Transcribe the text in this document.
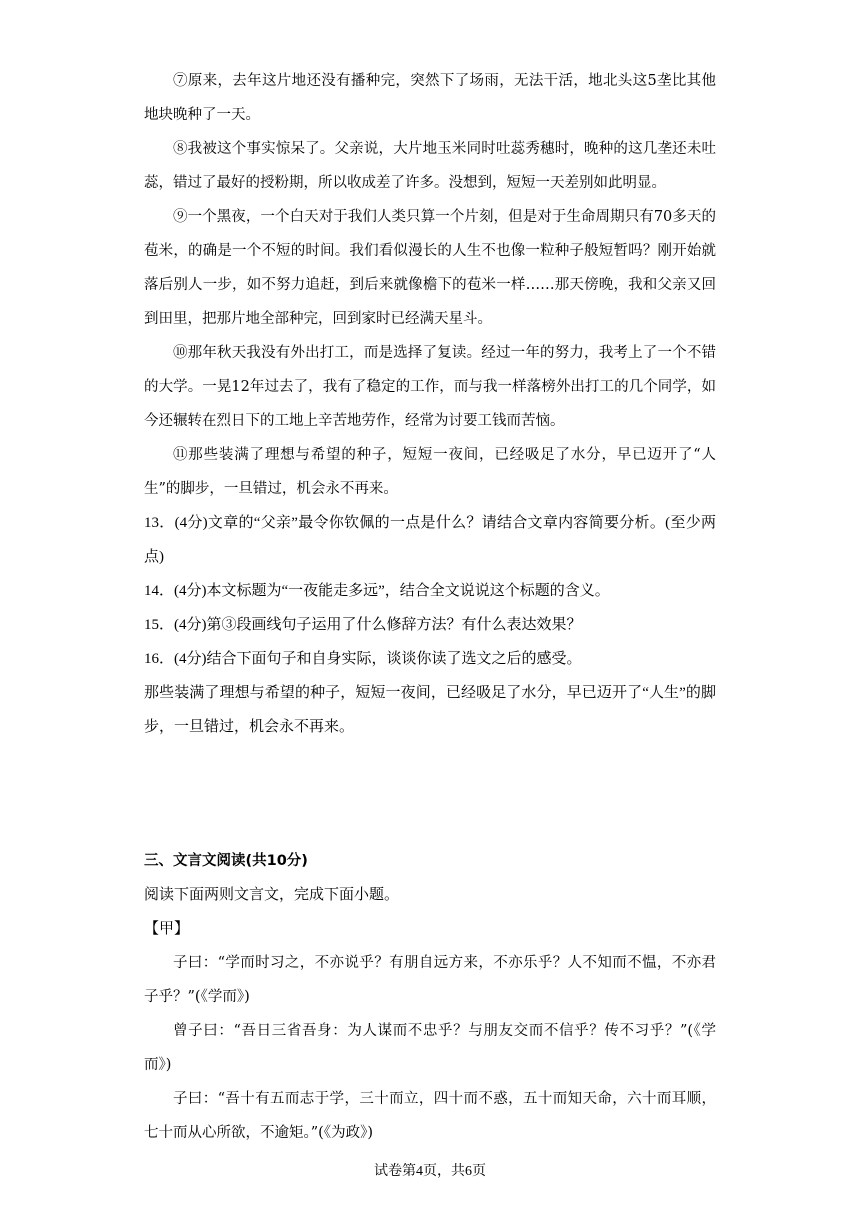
⑦原来，去年这片地还没有播种完，突然下了场雨，无法干活，地北头这5垄比其他地块晚种了一天。

⑧我被这个事实惊呆了。父亲说，大片地玉米同时吐蕊秀穗时，晚种的这几垄还未吐蕊，错过了最好的授粉期，所以收成差了许多。没想到，短短一天差别如此明显。

⑨一个黑夜，一个白天对于我们人类只算一个片刻，但是对于生命周期只有70多天的苞米，的确是一个不短的时间。我们看似漫长的人生不也像一粒种子般短暂吗？刚开始就落后别人一步，如不努力追赶，到后来就像檐下的苞米一样……那天傍晚，我和父亲又回到田里，把那片地全部种完，回到家时已经满天星斗。

⑩那年秋天我没有外出打工，而是选择了复读。经过一年的努力，我考上了一个不错的大学。一晃12年过去了，我有了稳定的工作，而与我一样落榜外出打工的几个同学，如今还辗转在烈日下的工地上辛苦地劳作，经常为讨要工钱而苦恼。

⑪那些装满了理想与希望的种子，短短一夜间，已经吸足了水分，早已迈开了“人生”的脚步，一旦错过，机会永不再来。

13．(4分)文章的“父亲”最令你钦佩的一点是什么？请结合文章内容简要分析。(至少两点)

14．(4分)本文标题为“一夜能走多远”，结合全文说说这个标题的含义。

15．(4分)第③段画线句子运用了什么修辞方法？有什么表达效果？

16．(4分)结合下面句子和自身实际，谈谈你读了选文之后的感受。

那些装满了理想与希望的种子，短短一夜间，已经吸足了水分，早已迈开了“人生”的脚步，一旦错过，机会永不再来。

三、文言文阅读(共10分)

阅读下面两则文言文，完成下面小题。

【甲】

子曰：“学而时习之，不亦说乎？有朋自远方来，不亦乐乎？人不知而不愠，不亦君子乎？”(《学而》)

曾子曰：“吾日三省吾身：为人谋而不忠乎？与朋友交而不信乎？传不习乎？”(《学而》)

子曰：“吾十有五而志于学，三十而立，四十而不惑，五十而知天命，六十而耳顺，七十而从心所欲，不逾矩。”(《为政》)

试卷第4页，共6页
